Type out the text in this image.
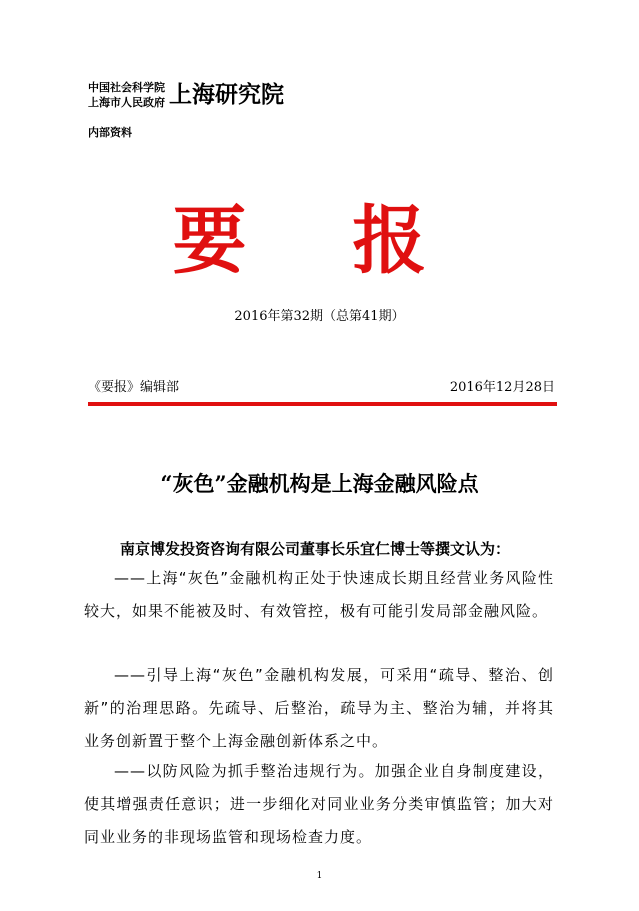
中国社会科学院
上海市人民政府 上海研究院
内部资料
要 报
2016年第32期（总第41期）
《要报》编辑部	2016年12月28日
“灰色”金融机构是上海金融风险点
南京博发投资咨询有限公司董事长乐宜仁博士等撰文认为：
——上海“灰色”金融机构正处于快速成长期且经营业务风险性较大，如果不能被及时、有效管控，极有可能引发局部金融风险。
——引导上海“灰色”金融机构发展，可采用“疏导、整治、创新”的治理思路。先疏导、后整治，疏导为主、整治为辅，并将其业务创新置于整个上海金融创新体系之中。
——以防风险为抓手整治违规行为。加强企业自身制度建设，使其增强责任意识；进一步细化对同业业务分类审慎监管；加大对同业业务的非现场监管和现场检查力度。
1
